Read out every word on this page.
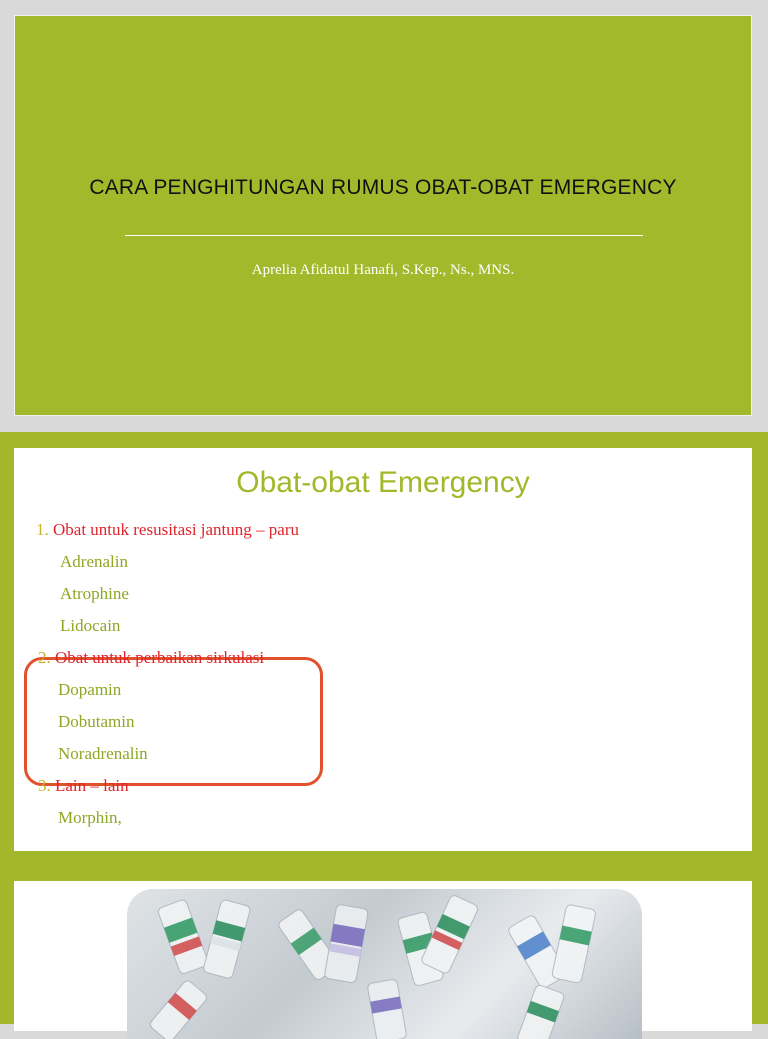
CARA PENGHITUNGAN RUMUS OBAT-OBAT EMERGENCY
Aprelia Afidatul Hanafi, S.Kep., Ns., MNS.
Obat-obat Emergency
1. Obat untuk resusitasi jantung – paru
Adrenalin
Atrophine
Lidocain
2. Obat untuk perbaikan sirkulasi
Dopamin
Dobutamin
Noradrenalin
3. Lain – lain
Morphin,
